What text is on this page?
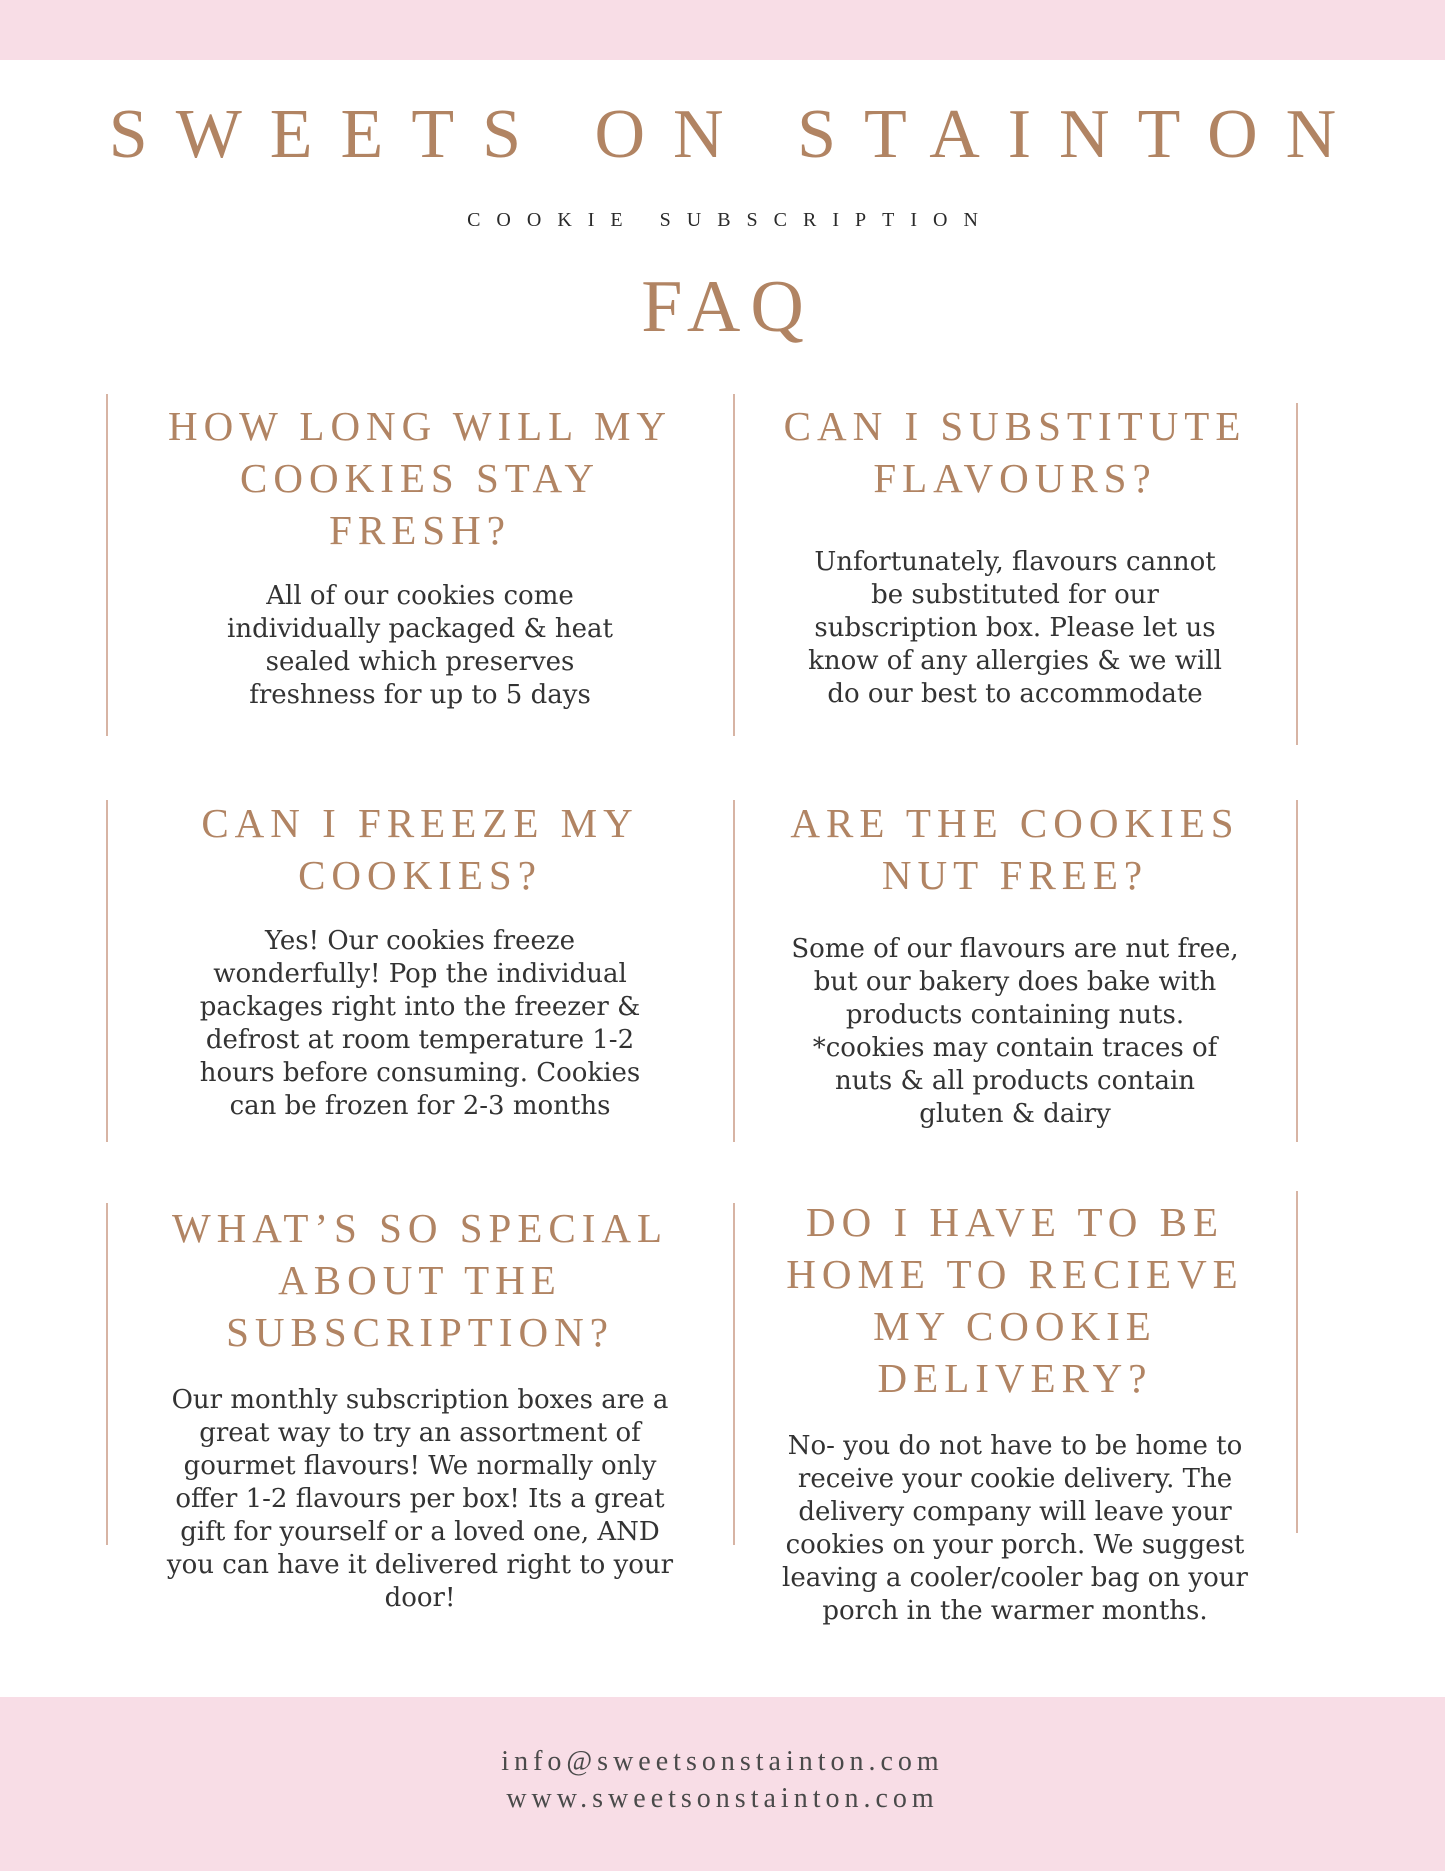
SWEETS ON STAINTON
COOKIE SUBSCRIPTION
FAQ

HOW LONG WILL MY COOKIES STAY FRESH?

All of our cookies come individually packaged & heat sealed which preserves freshness for up to 5 days

CAN I SUBSTITUTE FLAVOURS?

Unfortunately, flavours cannot be substituted for our subscription box. Please let us know of any allergies & we will do our best to accommodate

CAN I FREEZE MY COOKIES?

Yes! Our cookies freeze wonderfully! Pop the individual packages right into the freezer & defrost at room temperature 1-2 hours before consuming. Cookies can be frozen for 2-3 months

ARE THE COOKIES NUT FREE?

Some of our flavours are nut free, but our bakery does bake with products containing nuts. *cookies may contain traces of nuts & all products contain gluten & dairy

WHAT’S SO SPECIAL ABOUT THE SUBSCRIPTION?

Our monthly subscription boxes are a great way to try an assortment of gourmet flavours! We normally only offer 1-2 flavours per box! Its a great gift for yourself or a loved one, AND you can have it delivered right to your door!

DO I HAVE TO BE HOME TO RECIEVE MY COOKIE DELIVERY?

No- you do not have to be home to receive your cookie delivery. The delivery company will leave your cookies on your porch. We suggest leaving a cooler/cooler bag on your porch in the warmer months.

info@sweetsonstainton.com
www.sweetsonstainton.com
